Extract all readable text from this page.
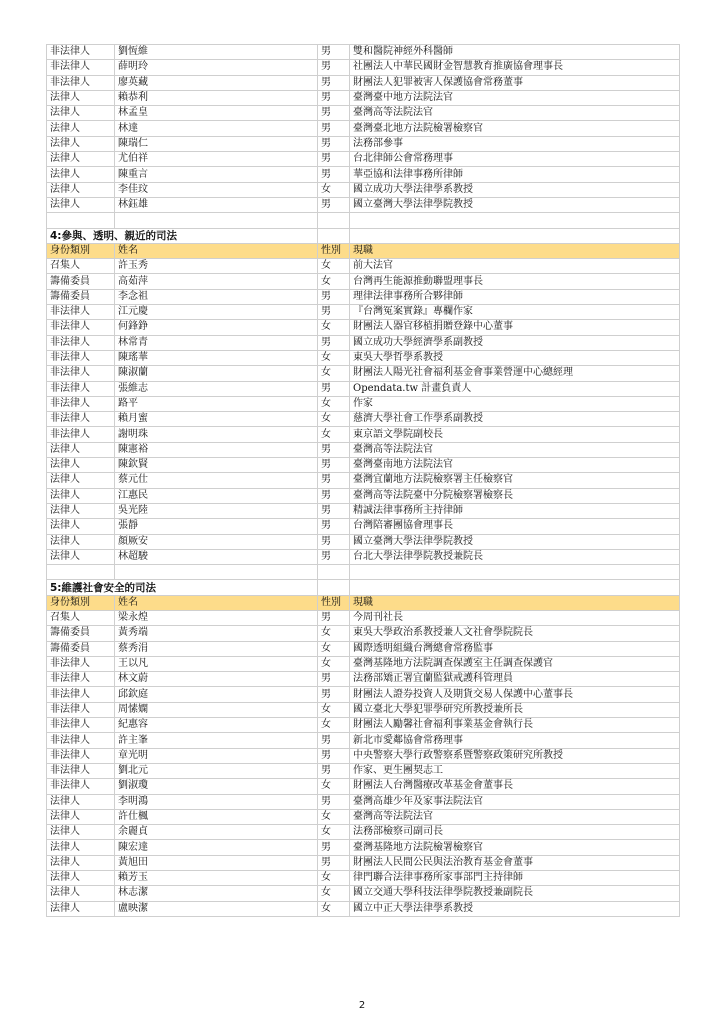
非法律人	劉恆維	男	雙和醫院神經外科醫師
非法律人	薛明玲	男	社團法人中華民國財金智慧教育推廣協會理事長
非法律人	廖英藏	男	財團法人犯罪被害人保護協會常務董事
法律人	賴恭利	男	臺灣臺中地方法院法官
法律人	林孟皇	男	臺灣高等法院法官
法律人	林達	男	臺灣臺北地方法院檢署檢察官
法律人	陳瑞仁	男	法務部參事
法律人	尤伯祥	男	台北律師公會常務理事
法律人	陳重言	男	華亞協和法律事務所律師
法律人	李佳玟	女	國立成功大學法律學系教授
法律人	林鈺雄	男	國立臺灣大學法律學院教授

4:參與、透明、親近的司法			
身份類別	姓名	性別	現職
召集人	許玉秀	女	前大法官
籌備委員	高茹萍	女	台灣再生能源推動聯盟理事長
籌備委員	李念祖	男	理律法律事務所合夥律師
非法律人	江元慶	男	『台灣冤案實錄』專欄作家
非法律人	何鋒錚	女	財團法人器官移植捐贈登錄中心董事
非法律人	林常青	男	國立成功大學經濟學系副教授
非法律人	陳瑤華	女	東吳大學哲學系教授
非法律人	陳淑蘭	女	財團法人陽光社會福利基金會事業營運中心總經理
非法律人	張維志	男	Opendata.tw 計畫負責人
非法律人	路平	女	作家
非法律人	賴月蜜	女	慈濟大學社會工作學系副教授
非法律人	謝明珠	女	東京語文學院副校長
法律人	陳憲裕	男	臺灣高等法院法官
法律人	陳欽賢	男	臺灣臺南地方法院法官
法律人	蔡元仕	男	臺灣宜蘭地方法院檢察署主任檢察官
法律人	江惠民	男	臺灣高等法院臺中分院檢察署檢察長
法律人	吳光陸	男	精誠法律事務所主持律師
法律人	張靜	男	台灣陪審團協會理事長
法律人	顏厥安	男	國立臺灣大學法律學院教授
法律人	林超駿	男	台北大學法律學院教授兼院長

5:維護社會安全的司法			
身份類別	姓名	性別	現職
召集人	梁永煌	男	今周刊社長
籌備委員	黃秀端	女	東吳大學政治系教授兼人文社會學院院長
籌備委員	蔡秀涓	女	國際透明組織台灣總會常務監事
非法律人	王以凡	女	臺灣基隆地方法院調查保護室主任調查保護官
非法律人	林文蔚	男	法務部矯正署宜蘭監獄戒護科管理員
非法律人	邱欽庭	男	財團法人證券投資人及期貨交易人保護中心董事長
非法律人	周愫嫻	女	國立臺北大學犯罪學研究所教授兼所長
非法律人	紀惠容	女	財團法人勵馨社會福利事業基金會執行長
非法律人	許主峯	男	新北市愛鄰協會常務理事
非法律人	章光明	男	中央警察大學行政警察系暨警察政策研究所教授
非法律人	劉北元	男	作家、更生團契志工
非法律人	劉淑瓊	女	財團法人台灣醫療改革基金會董事長
法律人	李明鴻	男	臺灣高雄少年及家事法院法官
法律人	許仕楓	女	臺灣高等法院法官
法律人	余麗貞	女	法務部檢察司副司長
法律人	陳宏達	男	臺灣基隆地方法院檢署檢察官
法律人	黃旭田	男	財團法人民間公民與法治教育基金會董事
法律人	賴芳玉	女	律門聯合法律事務所家事部門主持律師
法律人	林志潔	女	國立交通大學科技法律學院教授兼副院長
法律人	盧映潔	女	國立中正大學法律學系教授
2
